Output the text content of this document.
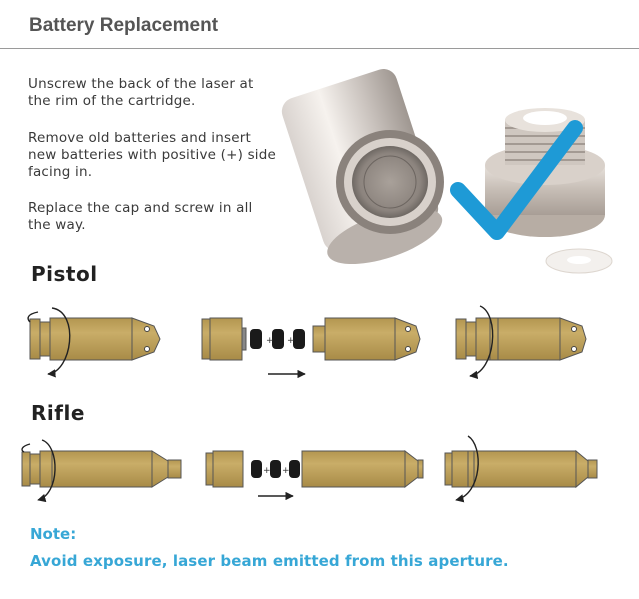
Battery Replacement
Unscrew the back of the laser at the rim of the cartridge.
Remove old batteries and insert new batteries with positive (+) side facing in.
Replace the cap and screw in all the way.
Pistol
Rifle
Note:
Avoid exposure, laser beam emitted from this aperture.
+ +
+ +
